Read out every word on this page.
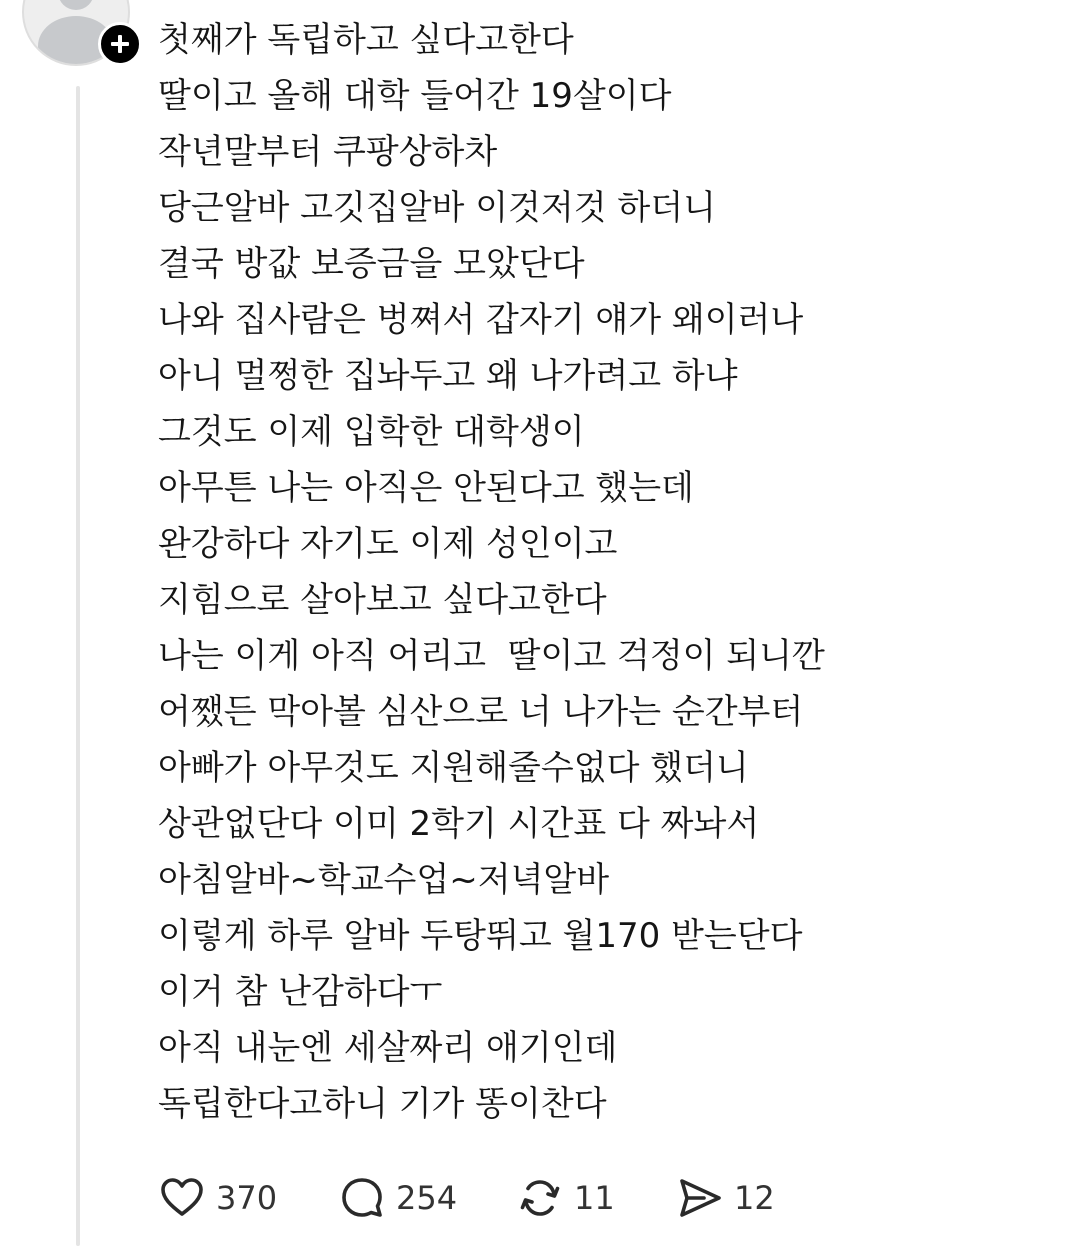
첫째가 독립하고 싶다고한다
딸이고 올해 대학 들어간 19살이다
작년말부터 쿠팡상하차
당근알바 고깃집알바 이것저것 하더니
결국 방값 보증금을 모았단다
나와 집사람은 벙쪄서 갑자기 얘가 왜이러나
아니 멀쩡한 집놔두고 왜 나가려고 하냐
그것도 이제 입학한 대학생이
아무튼 나는 아직은 안된다고 했는데
완강하다 자기도 이제 성인이고
지힘으로 살아보고 싶다고한다
나는 이게 아직 어리고  딸이고 걱정이 되니깐
어쨌든 막아볼 심산으로 너 나가는 순간부터
아빠가 아무것도 지원해줄수없다 했더니
상관없단다 이미 2학기 시간표 다 짜놔서
아침알바~학교수업~저녁알바
이렇게 하루 알바 두탕뛰고 월170 받는단다
이거 참 난감하다ㅜ
아직 내눈엔 세살짜리 애기인데
독립한다고하니 기가 똥이찬다
370	254	11	12
